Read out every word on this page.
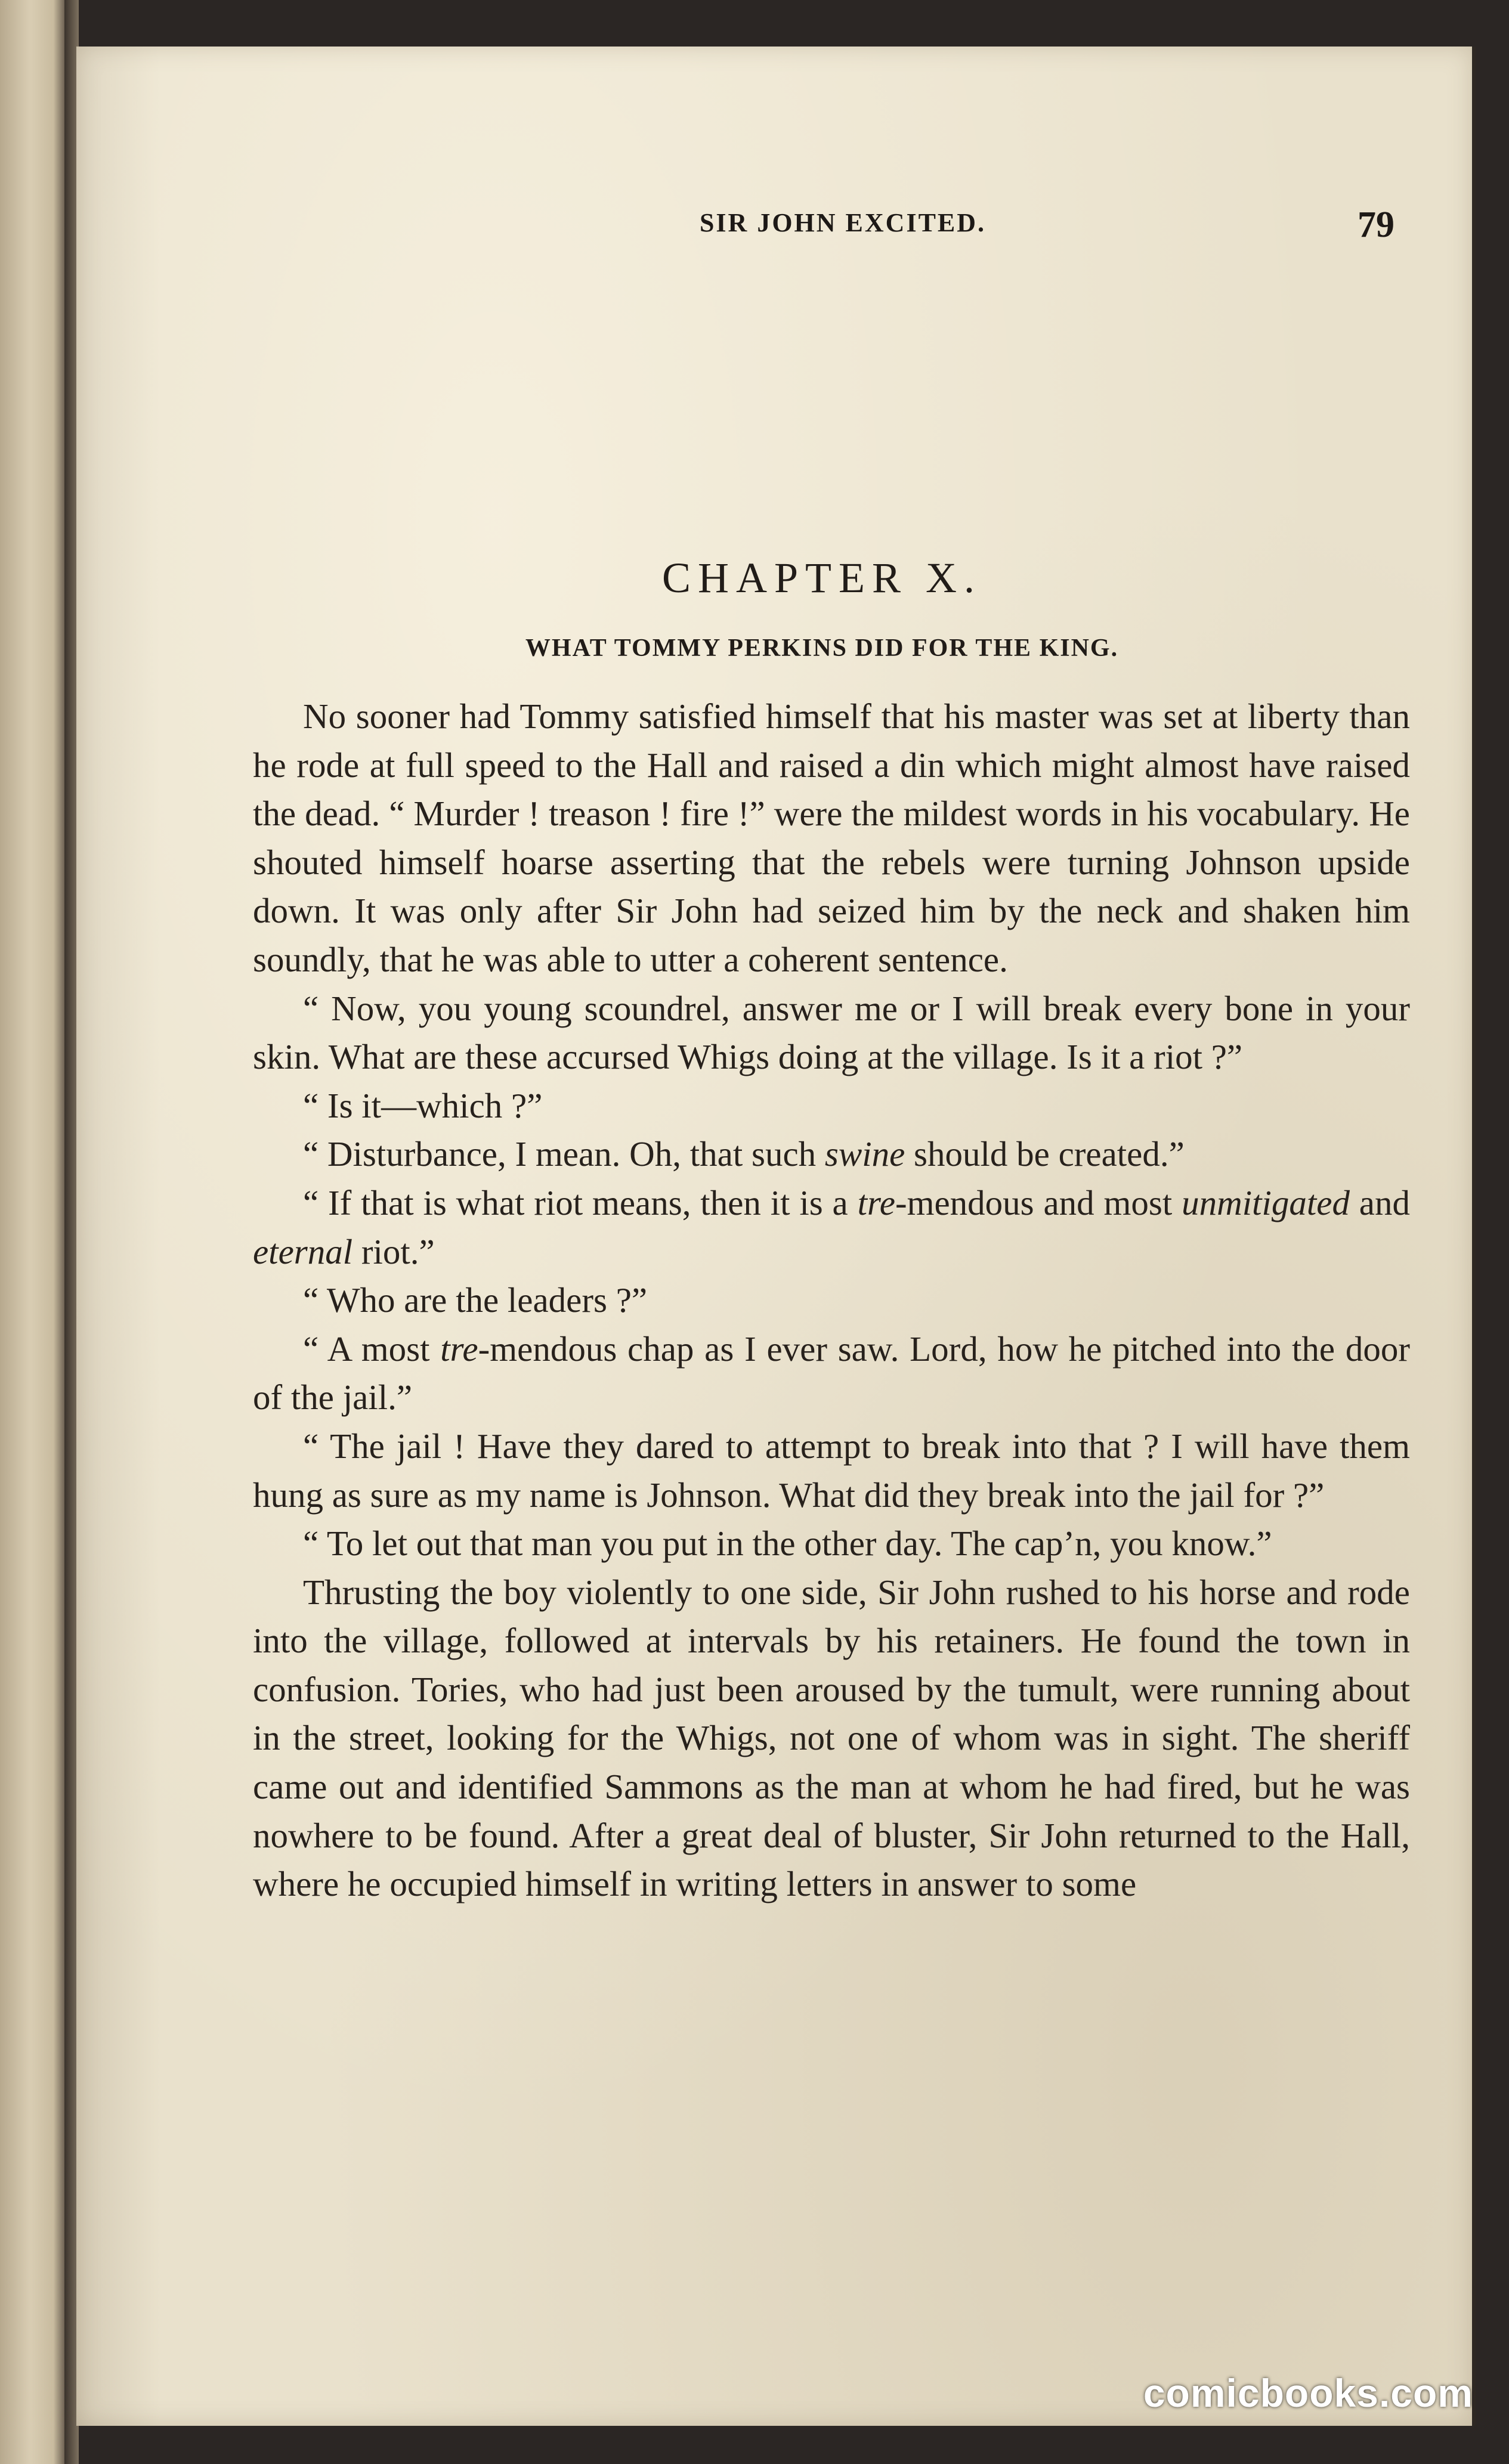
SIR JOHN EXCITED.	79
CHAPTER X.
WHAT TOMMY PERKINS DID FOR THE KING.

No sooner had Tommy satisfied himself that his master was set at liberty than he rode at full speed to the Hall and raised a din which might almost have raised the dead. “ Murder ! treason ! fire !” were the mildest words in his vocabulary. He shouted himself hoarse asserting that the rebels were turning Johnson upside down. It was only after Sir John had seized him by the neck and shaken him soundly, that he was able to utter a coherent sentence.

“ Now, you young scoundrel, answer me or I will break every bone in your skin. What are these accursed Whigs doing at the village. Is it a riot ?”

“ Is it—which ?”

“ Disturbance, I mean. Oh, that such swine should be created.”

“ If that is what riot means, then it is a tre-mendous and most unmitigated and eternal riot.”

“ Who are the leaders ?”

“ A most tre-mendous chap as I ever saw. Lord, how he pitched into the door of the jail.”

“ The jail ! Have they dared to attempt to break into that ? I will have them hung as sure as my name is Johnson. What did they break into the jail for ?”

“ To let out that man you put in the other day. The cap’n, you know.”

Thrusting the boy violently to one side, Sir John rushed to his horse and rode into the village, followed at intervals by his retainers. He found the town in confusion. Tories, who had just been aroused by the tumult, were running about in the street, looking for the Whigs, not one of whom was in sight. The sheriff came out and identified Sammons as the man at whom he had fired, but he was nowhere to be found. After a great deal of bluster, Sir John returned to the Hall, where he occupied himself in writing letters in answer to some

comicbooks.com
